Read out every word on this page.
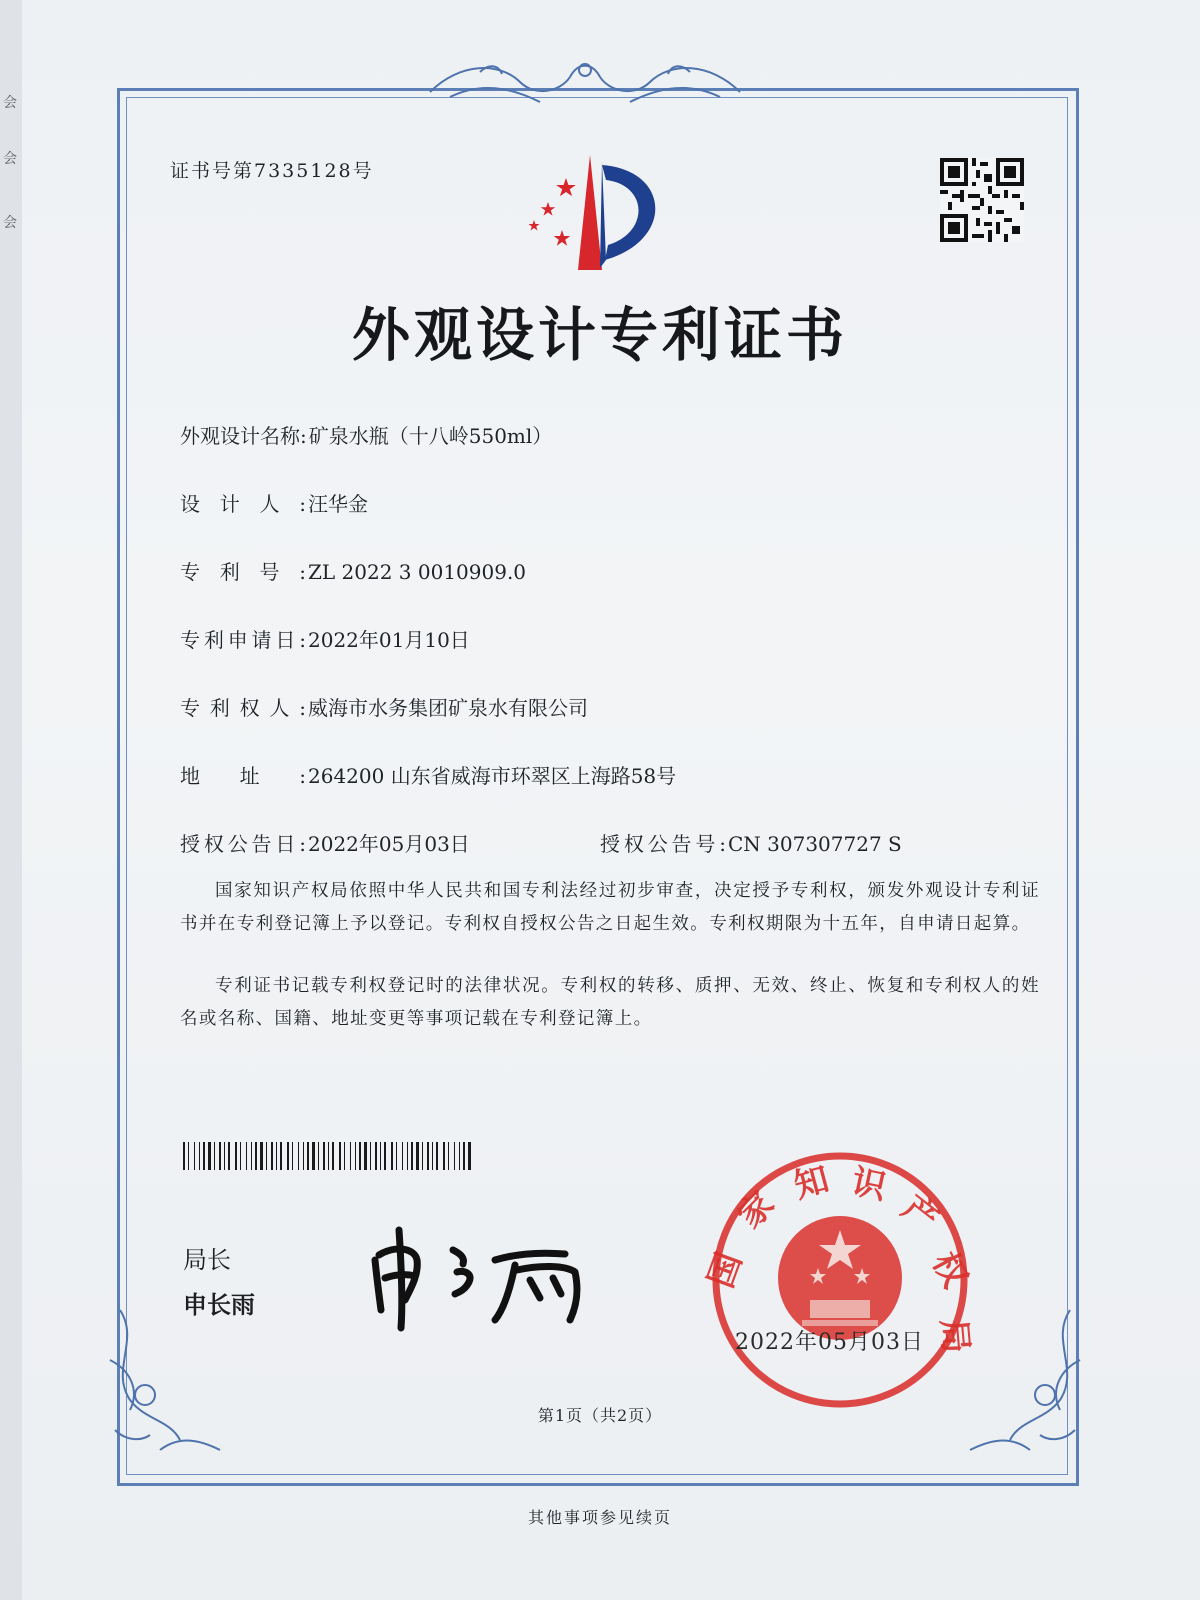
会
会
会
证书号第7335128号
外观设计专利证书
外观设计名称: 矿泉水瓶（十八岭550ml）
设计人: 汪华金
专利号: ZL 2022 3 0010909.0
专利申请日: 2022年01月10日
专利权人: 威海市水务集团矿泉水有限公司
地址: 264200 山东省威海市环翠区上海路58号
授权公告日: 2022年05月03日	授权公告号: CN 307307727 S
国家知识产权局依照中华人民共和国专利法经过初步审查，决定授予专利权，颁发外观设计专利证书并在专利登记簿上予以登记。专利权自授权公告之日起生效。专利权期限为十五年，自申请日起算。
专利证书记载专利权登记时的法律状况。专利权的转移、质押、无效、终止、恢复和专利权人的姓名或名称、国籍、地址变更等事项记载在专利登记簿上。
局长
申长雨
国
家
知 识
产
权
局
2022年05月03日
第1页（共2页）
其他事项参见续页
